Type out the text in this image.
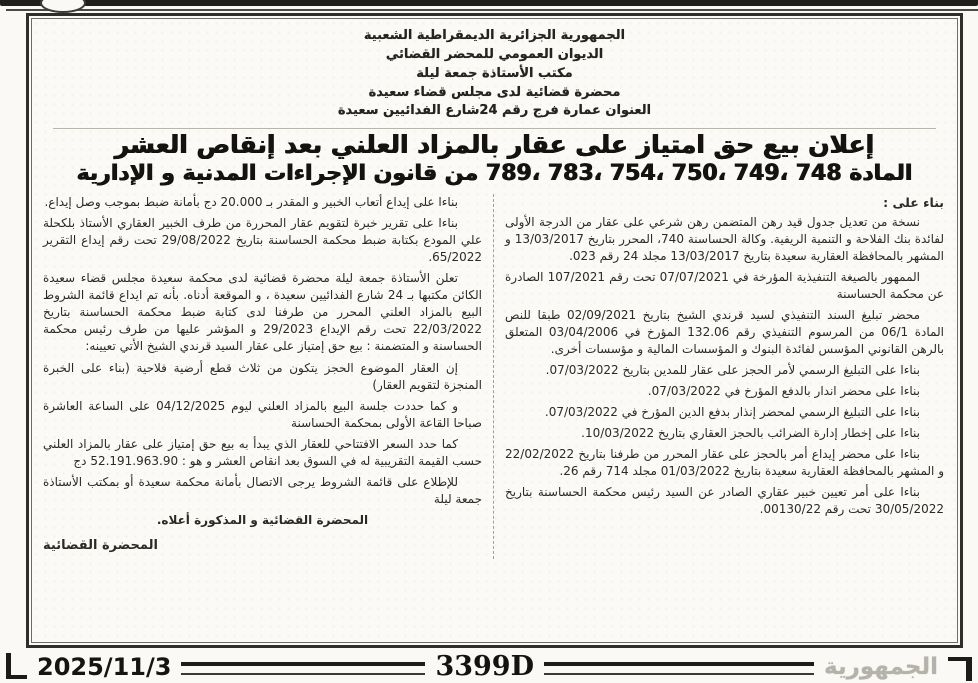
الجمهورية الجزائرية الديمقراطية الشعبية
الديوان العمومي للمحضر القضائي
مكتب الأستاذة جمعة ليلة
محضرة قضائية لدى مجلس قضاء سعيدة
العنوان عمارة فرج رقم 24شارع الفدائيين سعيدة
إعلان بيع حق امتياز على عقار بالمزاد العلني بعد إنقاص العشر
المادة 748 ،749 ،750 ،754 ،783 ،789 من قانون الإجراءات المدنية و الإدارية

بناء على :

نسخة من تعديل جدول قيد رهن المتضمن رهن شرعي على عقار من الدرجة الأولى لفائدة بنك الفلاحة و التنمية الريفية. وكالة الحساسنة 740، المحرر بتاريخ 13/03/2017 و المشهر بالمحافظة العقارية سعيدة بتاريخ 13/03/2017 مجلد 24 رقم 023.

الممهور بالصيغة التنفيذية المؤرخة في 07/07/2021 تحت رقم 107/2021 الصادرة عن محكمة الحساسنة

محضر تبليغ السند التنفيذي لسيد قرندي الشيخ بتاريخ 02/09/2021 طبقا للنص المادة 06/1 من المرسوم التنفيذي رقم 132.06 المؤرخ في 03/04/2006 المتعلق بالرهن القانوني المؤسس لفائدة البنوك و المؤسسات المالية و مؤسسات أخرى.

بناءا على التبليغ الرسمي لأمر الحجز على عقار للمدين بتاريخ 07/03/2022.

بناءا على محضر اندار بالدفع المؤرخ في 07/03/2022.

بناءا على التبليغ الرسمي لمحضر إنذار بدفع الدين المؤرخ في 07/03/2022.

بناءا على إخطار إدارة الضرائب بالحجز العقاري بتاريخ 10/03/2022.

بناءا على محضر إيداع أمر بالحجز على عقار المحرر من طرفنا بتاريخ 22/02/2022 و المشهر بالمحافظة العقارية سعيدة بتاريخ 01/03/2022 مجلد 714 رقم 26.

بناءا على أمر تعيين خبير عقاري الصادر عن السيد رئيس محكمة الحساسنة بتاريخ 30/05/2022 تحت رقم 00130/22.

بناءا على إيداع أتعاب الخبير و المقدر بـ 20.000 دج بأمانة ضبط بموجب وصل إيداع.

بناءا على تقرير خبرة لتقويم عقار المحررة من طرف الخبير العقاري الأستاذ بلكحلة علي المودع بكتابة ضبط محكمة الحساسنة بتاريخ 29/08/2022 تحت رقم إيداع التقرير 65/2022.

تعلن الأستاذة جمعة ليلة محضرة قضائية لدى محكمة سعيدة مجلس قضاء سعيدة الكائن مكتبها بـ 24 شارع الفدائيين سعيدة ، و الموقعة أدناه. بأنه تم ايداع قائمة الشروط البيع بالمزاد العلني المحرر من طرفنا لدى كتابة ضبط محكمة الحساسنة بتاريخ 22/03/2022 تحت رقم الإيداع 29/2023 و المؤشر عليها من طرف رئيس محكمة الحساسنة و المتضمنة : بيع حق إمتياز على عقار السيد قرندي الشيخ الأتي تعيينه:

إن العقار الموضوع الحجز يتكون من ثلاث قطع أرضية فلاحية (بناء على الخبرة المنجزة لتقويم العقار)

و كما حددت جلسة البيع بالمزاد العلني ليوم 04/12/2025 على الساعة العاشرة صباحا القاعة الأولى بمحكمة الحساسنة

كما حدد السعر الافتتاحي للعقار الذي يبدأ به بيع حق إمتياز على عقار بالمزاد العلني حسب القيمة التقريبية له في السوق بعد انقاص العشر و هو : 52.191.963.90 دج

للإطلاع على قائمة الشروط يرجى الاتصال بأمانة محكمة سعيدة أو بمكتب الأستاذة جمعة ليلة

المحضرة القضائية و المذكورة أعلاه.

المحضرة القضائية

2025/11/3	3399D	الجمهورية
